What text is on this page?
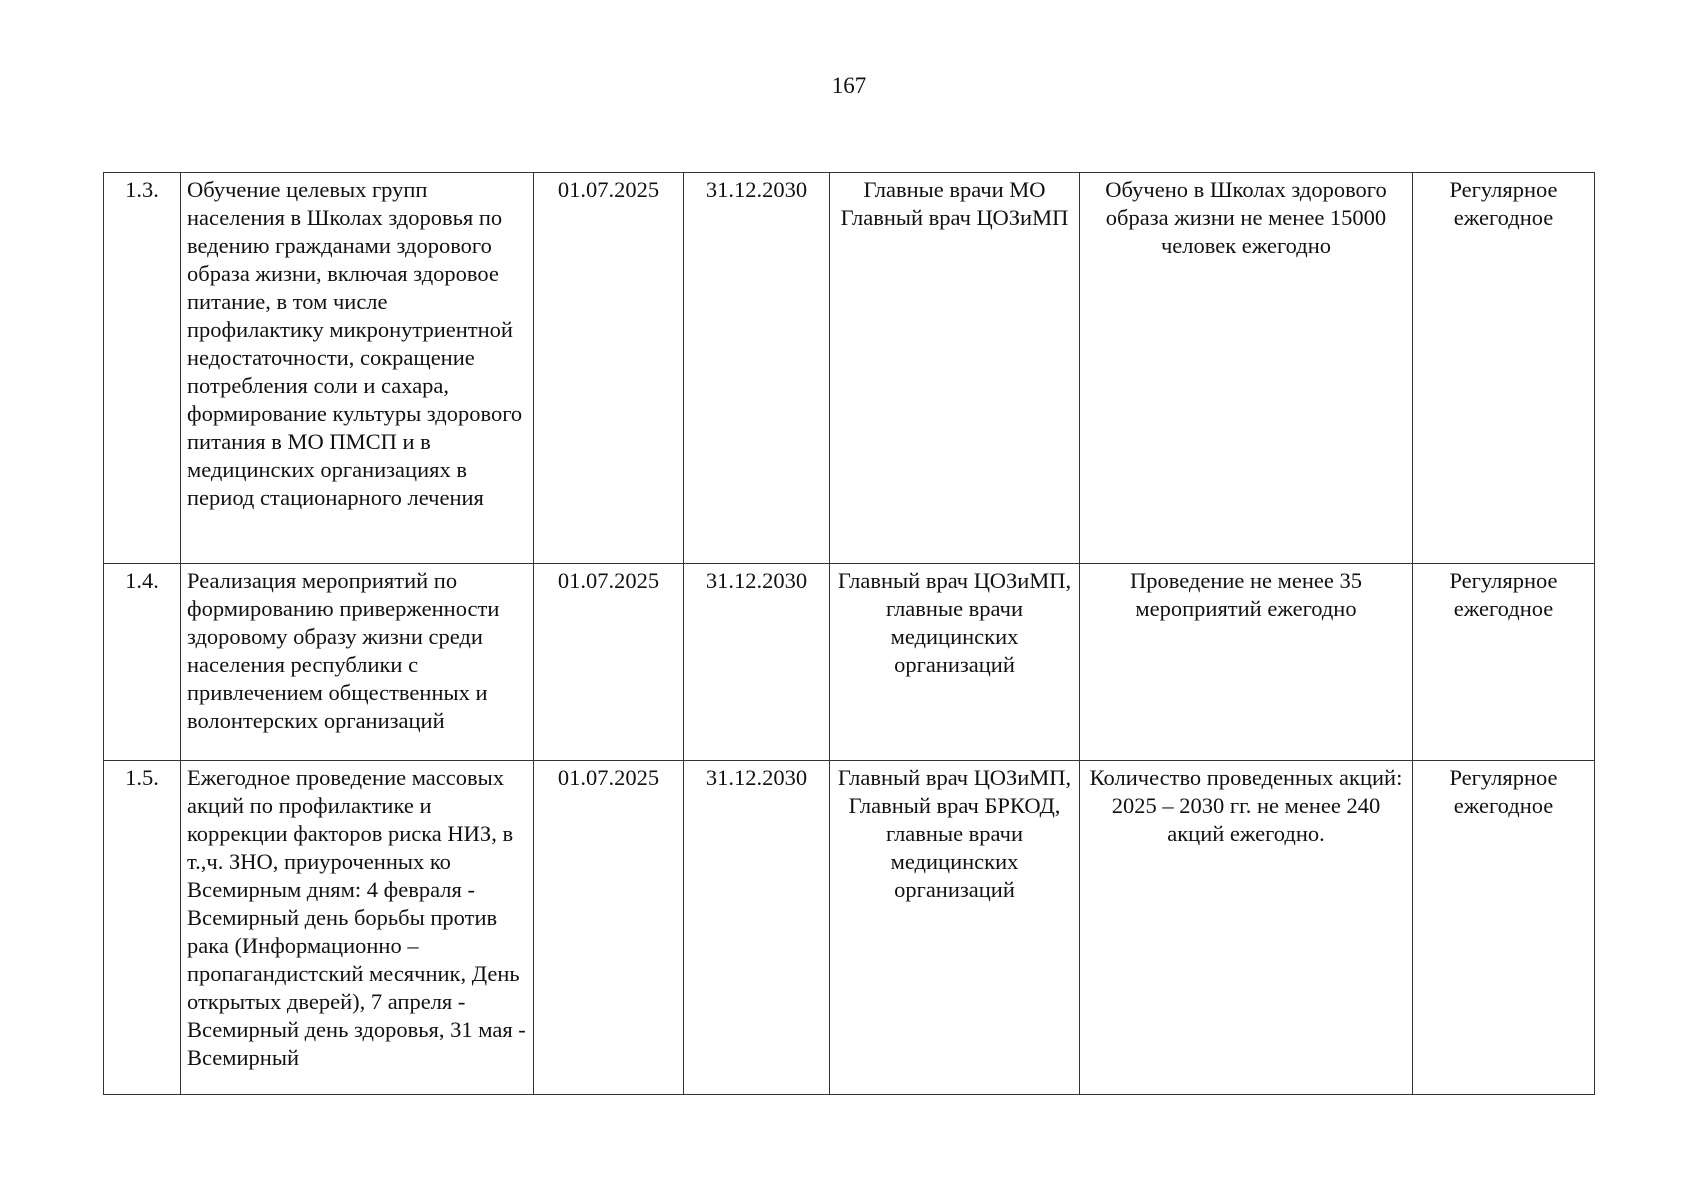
167
1.3.	Обучение целевых групп населения в Школах здоровья по ведению гражданами здорового образа жизни, включая здоровое питание, в том числе профилактику микронутриентной недостаточности, сокращение потребления соли и сахара, формирование культуры здорового питания в МО ПМСП и в медицинских организациях в период стационарного лечения	01.07.2025	31.12.2030	Главные врачи МО Главный врач ЦОЗиМП	Обучено в Школах здорового образа жизни не менее 15000 человек ежегодно	Регулярное ежегодное
1.4.	Реализация мероприятий по формированию приверженности здоровому образу жизни среди населения республики с привлечением общественных и волонтерских организаций	01.07.2025	31.12.2030	Главный врач ЦОЗиМП, главные врачи медицинских организаций	Проведение не менее 35 мероприятий ежегодно	Регулярное ежегодное
1.5.	Ежегодное проведение массовых акций по профилактике и коррекции факторов риска НИЗ, в т.,ч. ЗНО, приуроченных ко Всемирным дням: 4 февраля - Всемирный день борьбы против рака (Информационно – пропагандистский месячник, День открытых дверей), 7 апреля - Всемирный день здоровья, 31 мая - Всемирный	01.07.2025	31.12.2030	Главный врач ЦОЗиМП, Главный врач БРКОД, главные врачи медицинских организаций	Количество проведенных акций:
2025 – 2030 гг. не менее 240 акций ежегодно.	Регулярное ежегодное
